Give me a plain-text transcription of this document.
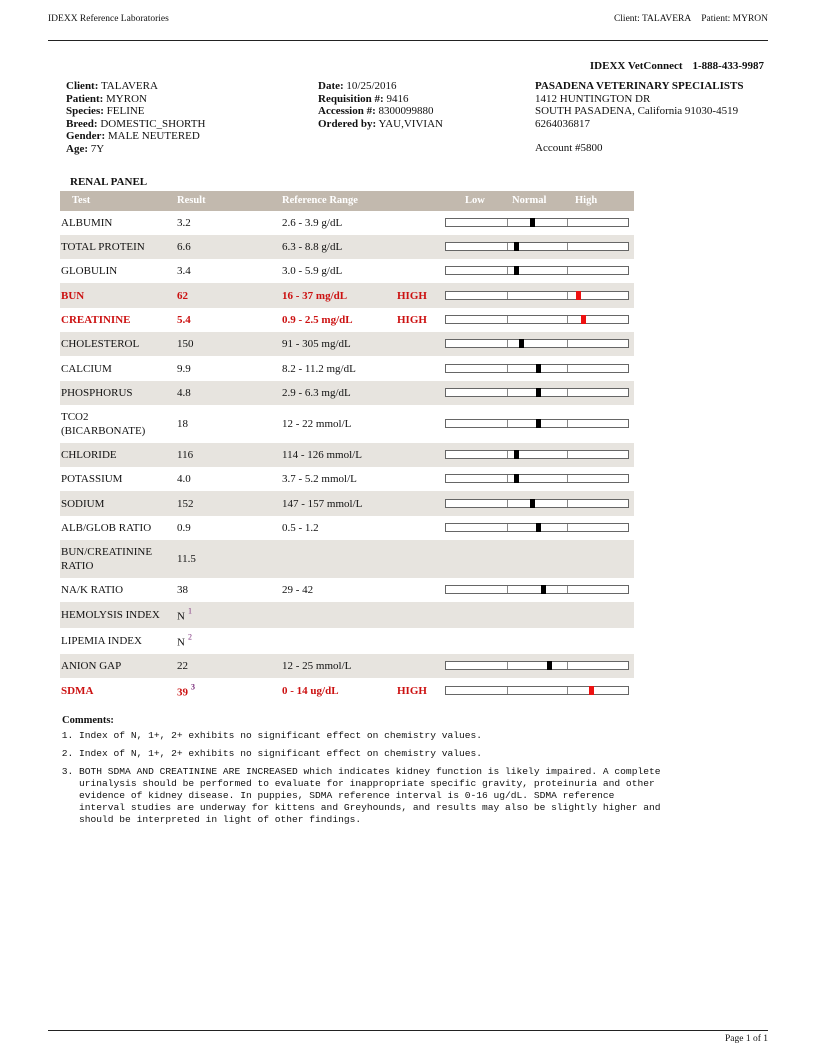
IDEXX Reference Laboratories	Client: TALAVERA Patient: MYRON
IDEXX VetConnect 1-888-433-9987
Client: TALAVERA
Patient: MYRON
Species: FELINE
Breed: DOMESTIC_SHORTH
Gender: MALE NEUTERED
Age: 7Y
Date: 10/25/2016
Requisition #: 9416
Accession #: 8300099880
Ordered by: YAU,VIVIAN
PASADENA VETERINARY SPECIALISTS
1412 HUNTINGTON DR
SOUTH PASADENA, California 91030-4519
6264036817
Account #5800
RENAL PANEL
Test	Result	Reference Range	Low	Normal	High
ALBUMIN	3.2	2.6 - 3.9 g/dL
TOTAL PROTEIN	6.6	6.3 - 8.8 g/dL
GLOBULIN	3.4	3.0 - 5.9 g/dL
BUN	62	16 - 37 mg/dL	HIGH
CREATININE	5.4	0.9 - 2.5 mg/dL	HIGH
CHOLESTEROL	150	91 - 305 mg/dL
CALCIUM	9.9	8.2 - 11.2 mg/dL
PHOSPHORUS	4.8	2.9 - 6.3 mg/dL
TCO2 (BICARBONATE)
18	12 - 22 mmol/L
CHLORIDE	116	114 - 126 mmol/L
POTASSIUM	4.0	3.7 - 5.2 mmol/L
SODIUM	152	147 - 157 mmol/L
ALB/GLOB RATIO	0.9	0.5 - 1.2
BUN/CREATININE RATIO
11.5
NA/K RATIO	38	29 - 42
HEMOLYSIS INDEX	N $^1$
LIPEMIA INDEX	N $^2$
ANION GAP	22	12 - 25 mmol/L
SDMA	39 $^3$	0 - 14 ug/dL	HIGH
Comments:
1. Index of N, 1+, 2+ exhibits no significant effect on chemistry values.
2. Index of N, 1+, 2+ exhibits no significant effect on chemistry values.
3. BOTH SDMA AND CREATININE ARE INCREASED which indicates kidney function is likely impaired. A complete urinalysis should be performed to evaluate for inappropriate specific gravity, proteinuria and other evidence of kidney disease. In puppies, SDMA reference interval is 0-16 ug/dL. SDMA reference interval studies are underway for kittens and Greyhounds, and results may also be slightly higher and should be interpreted in light of other findings.
Page 1 of 1
